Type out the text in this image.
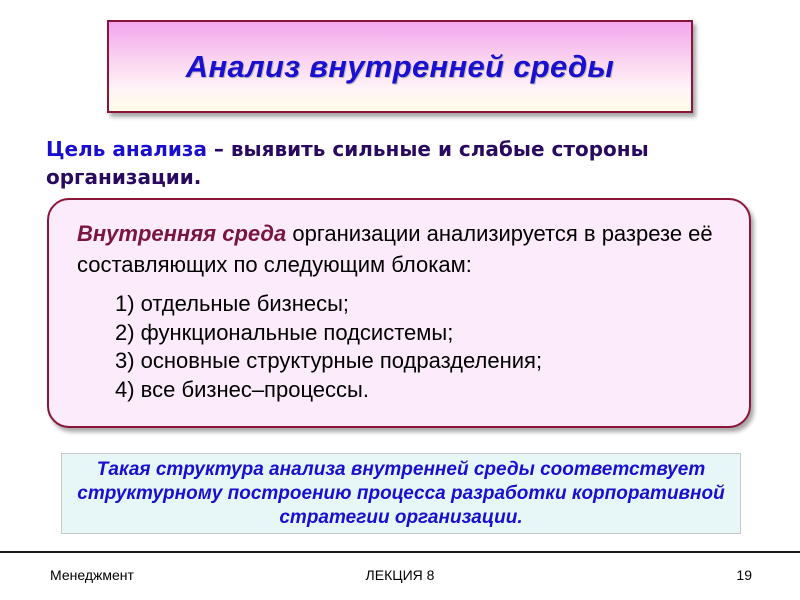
Анализ внутренней среды
Цель анализа – выявить сильные и слабые стороны организации.
Внутренняя среда организации анализируется в разрезе её составляющих по следующим блокам:
1) отдельные бизнесы;
2) функциональные подсистемы;
3) основные структурные подразделения;
4) все бизнес–процессы.
Такая структура анализа внутренней среды соответствует структурному построению процесса разработки корпоративной стратегии организации.
Менеджмент	ЛЕКЦИЯ 8	19
